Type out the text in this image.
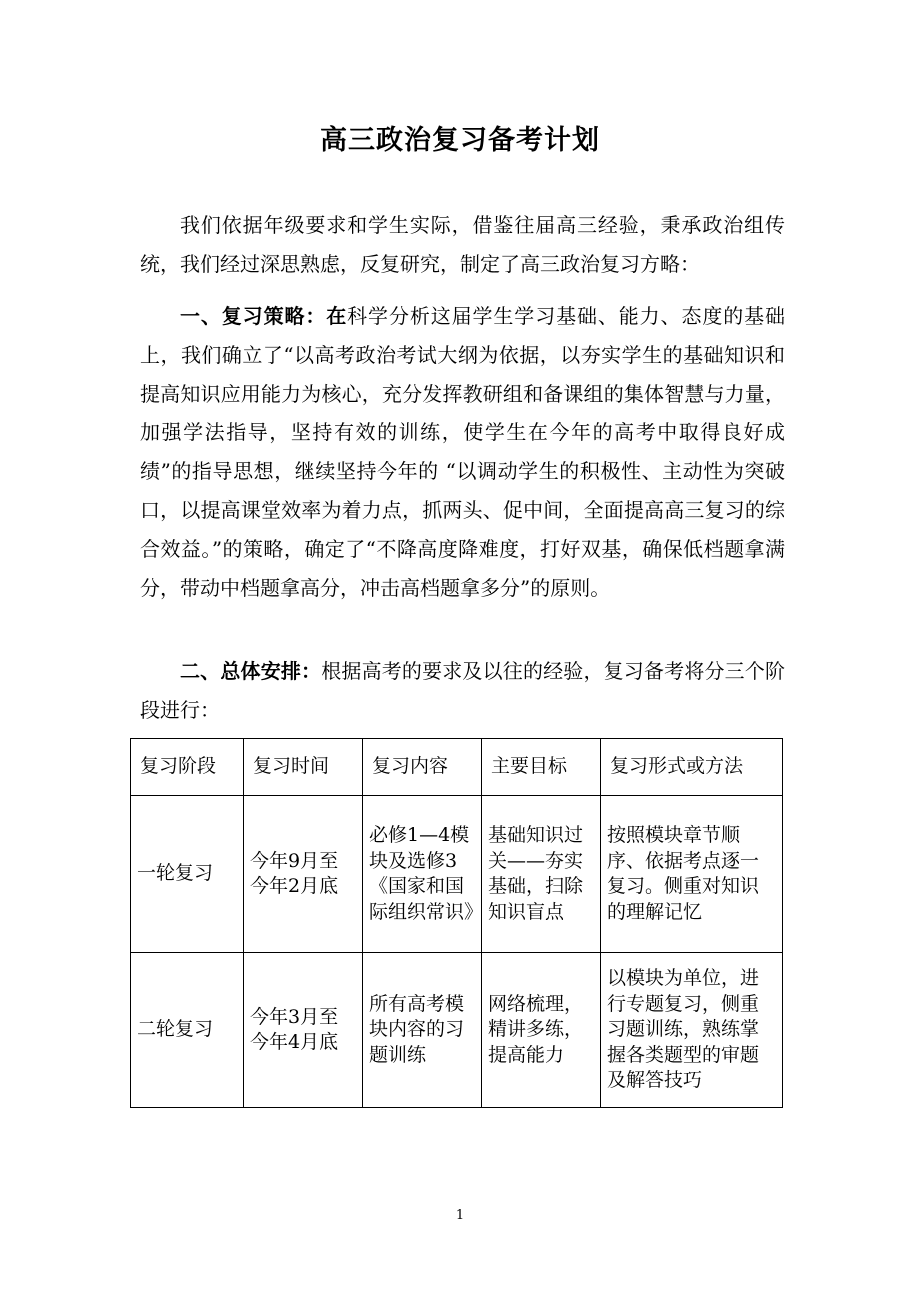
高三政治复习备考计划

我们依据年级要求和学生实际，借鉴往届高三经验，秉承政治组传统，我们经过深思熟虑，反复研究，制定了高三政治复习方略：

一、复习策略：在科学分析这届学生学习基础、能力、态度的基础上，我们确立了“以高考政治考试大纲为依据，以夯实学生的基础知识和提高知识应用能力为核心，充分发挥教研组和备课组的集体智慧与力量，加强学法指导，坚持有效的训练，使学生在今年的高考中取得良好成绩”的指导思想，继续坚持今年的 “以调动学生的积极性、主动性为突破口，以提高课堂效率为着力点，抓两头、促中间，全面提高高三复习的综合效益。”的策略，确定了“不降高度降难度，打好双基，确保低档题拿满分，带动中档题拿高分，冲击高档题拿多分”的原则。

二、总体安排：根据高考的要求及以往的经验，复习备考将分三个阶段进行：

复习阶段	复习时间	复习内容	主要目标	复习形式或方法
一轮复习	今年9月至今年2月底	必修1—4模块及选修3《国家和国际组织常识》	基础知识过关——夯实基础，扫除知识盲点	按照模块章节顺序、依据考点逐一复习。侧重对知识的理解记忆
二轮复习	今年3月至今年4月底	所有高考模块内容的习题训练	网络梳理，精讲多练，提高能力	以模块为单位，进行专题复习，侧重习题训练，熟练掌握各类题型的审题及解答技巧
1
